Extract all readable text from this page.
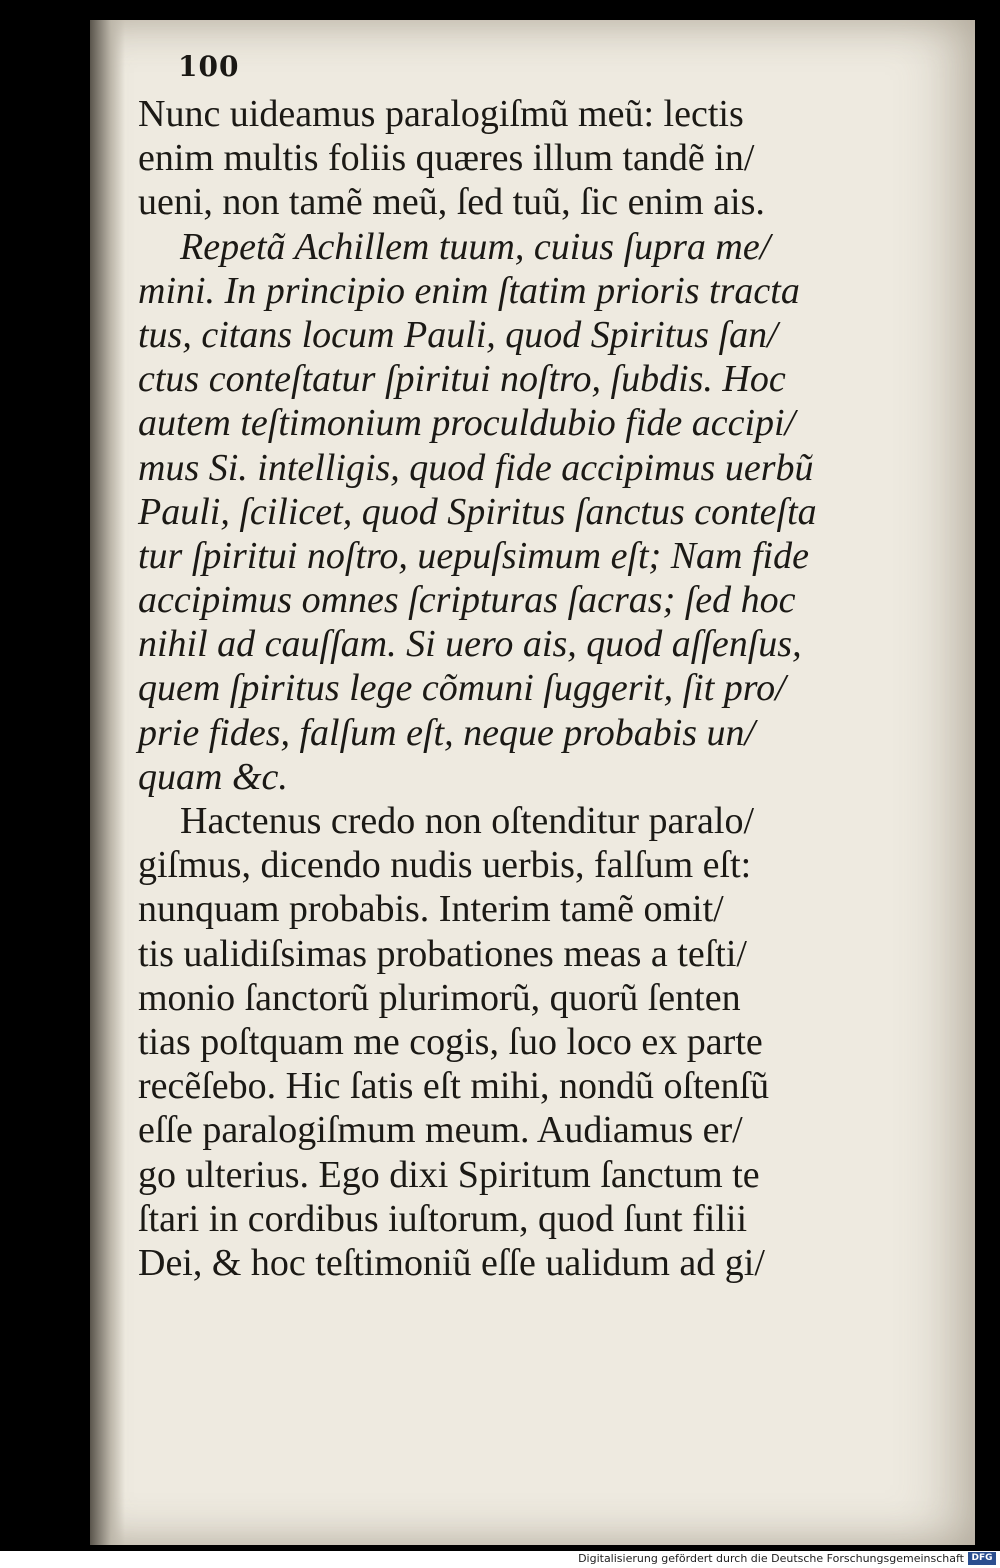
100
Nunc uideamus paralogiſmũ meũ: lectis
enim multis foliis quæres illum tandẽ in/
ueni, non tamẽ meũ, ſed tuũ, ſic enim ais.
Repetã Achillem tuum, cuius ſupra me/
mini. In principio enim ſtatim prioris tracta
tus, citans locum Pauli, quod Spiritus ſan/
ctus conteſtatur ſpiritui noſtro, ſubdis. Hoc
autem teſtimonium proculdubio fide accipi/
mus Si. intelligis, quod fide accipimus uerbũ
Pauli, ſcilicet, quod Spiritus ſanctus conteſta
tur ſpiritui noſtro, uериſsimum eſt; Nam fide
accipimus omnes ſcripturas ſacras; ſed hoc
nihil ad cauſſam. Si uero ais, quod aſſenſus,
quem ſpiritus lege cõmuni ſuggerit, ſit pro/
prie fides, falſum eſt, neque probabis un/
quam &c.
Hactenus credo non oſtenditur paralo/
giſmus, dicendo nudis uerbis, falſum eſt:
nunquam probabis. Interim tamẽ omit/
tis ualidiſsimas probationes meas a teſti/
monio ſanctorũ plurimorũ, quorũ ſenten
tias poſtquam me cogis, ſuo loco ex parte
recẽſebo. Hic ſatis eſt mihi, nondũ oſtenſũ
eſſe paralogiſmum meum. Audiamus er/
go ulterius. Ego dixi Spiritum ſanctum te
ſtari in cordibus iuſtorum, quod ſunt filii
Dei, & hoc teſtimoniũ eſſe ualidum ad gi/
Digitalisierung gefördert durch die Deutsche Forschungsgemeinschaft DFG
